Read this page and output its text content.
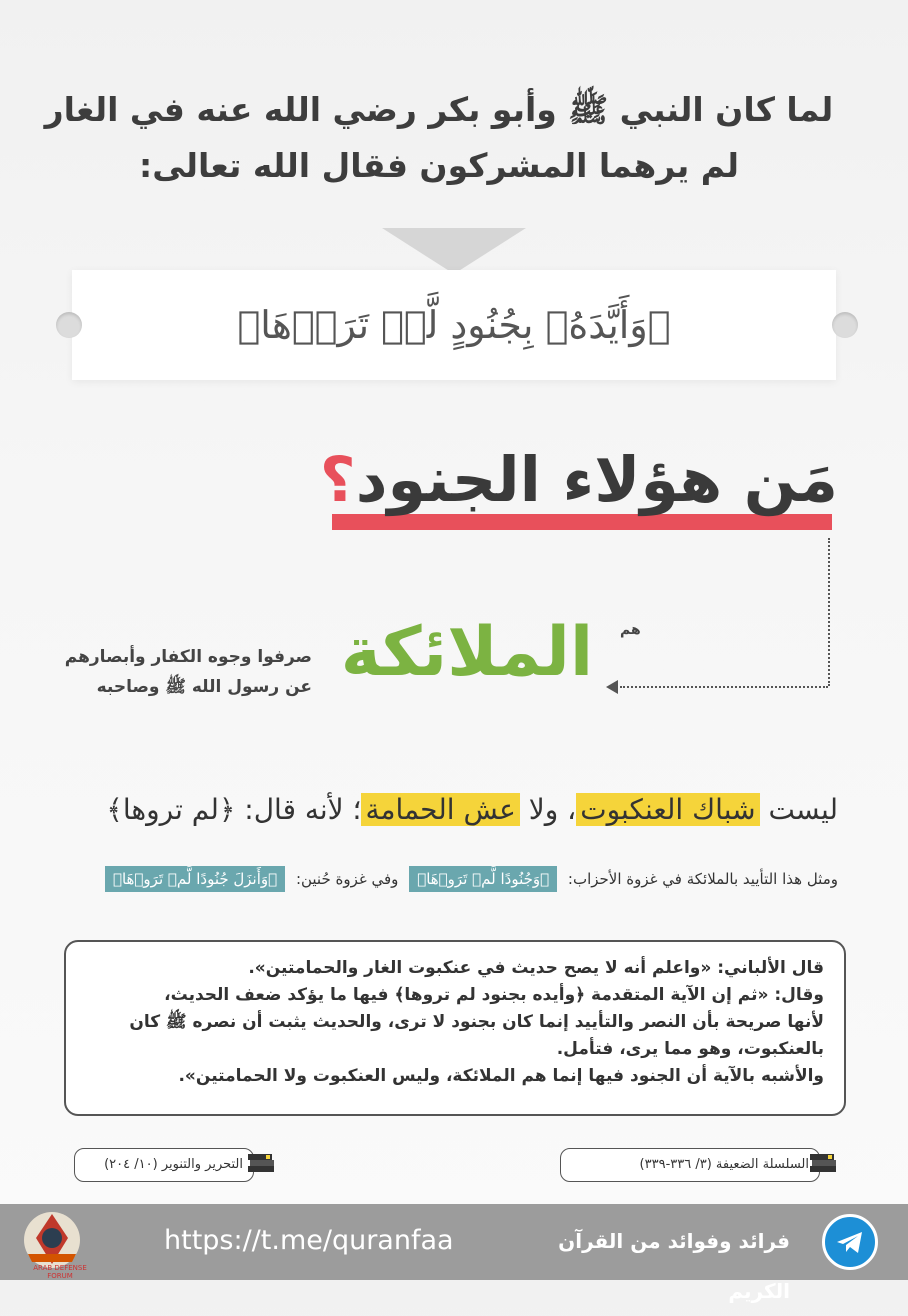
لما كان النبي ﷺ وأبو بكر رضي الله عنه في الغار
لم يرهما المشركون فقال الله تعالى:
﴿وَأَيَّدَهُۥ بِجُنُودٍ لَّمۡ تَرَوۡهَا﴾
مَن هؤلاء الجنود؟
هم
الملائكة
صرفوا وجوه الكفار وأبصارهم
عن رسول الله ﷺ وصاحبه
ليست شباك العنكبوت، ولا عش الحمامة؛ لأنه قال: ﴿لم تروها﴾
ومثل هذا التأييد بالملائكة في غزوة الأحزاب: ﴿وَجُنُودًا لَّمۡ تَرَوۡهَا﴾ وفي غزوة حُنين: ﴿وَأَنزَلَ جُنُودًا لَّمۡ تَرَوۡهَا﴾
قال الألباني: «واعلم أنه لا يصح حديث في عنكبوت الغار والحمامتين».
وقال: «ثم إن الآية المتقدمة ﴿وأيده بجنود لم تروها﴾ فيها ما يؤكد ضعف الحديث،
لأنها صريحة بأن النصر والتأييد إنما كان بجنود لا ترى، والحديث يثبت أن نصره ﷺ كان
بالعنكبوت، وهو مما يرى، فتأمل.
والأشبه بالآية أن الجنود فيها إنما هم الملائكة، وليس العنكبوت ولا الحمامتين».
السلسلة الضعيفة (٣/ ٣٣٦-٣٣٩)
التحرير والتنوير (١٠/ ٢٠٤)
ARAB DEFENSE FORUM
https://t.me/quranfaa	فرائد وفوائد من القرآن الكريم
